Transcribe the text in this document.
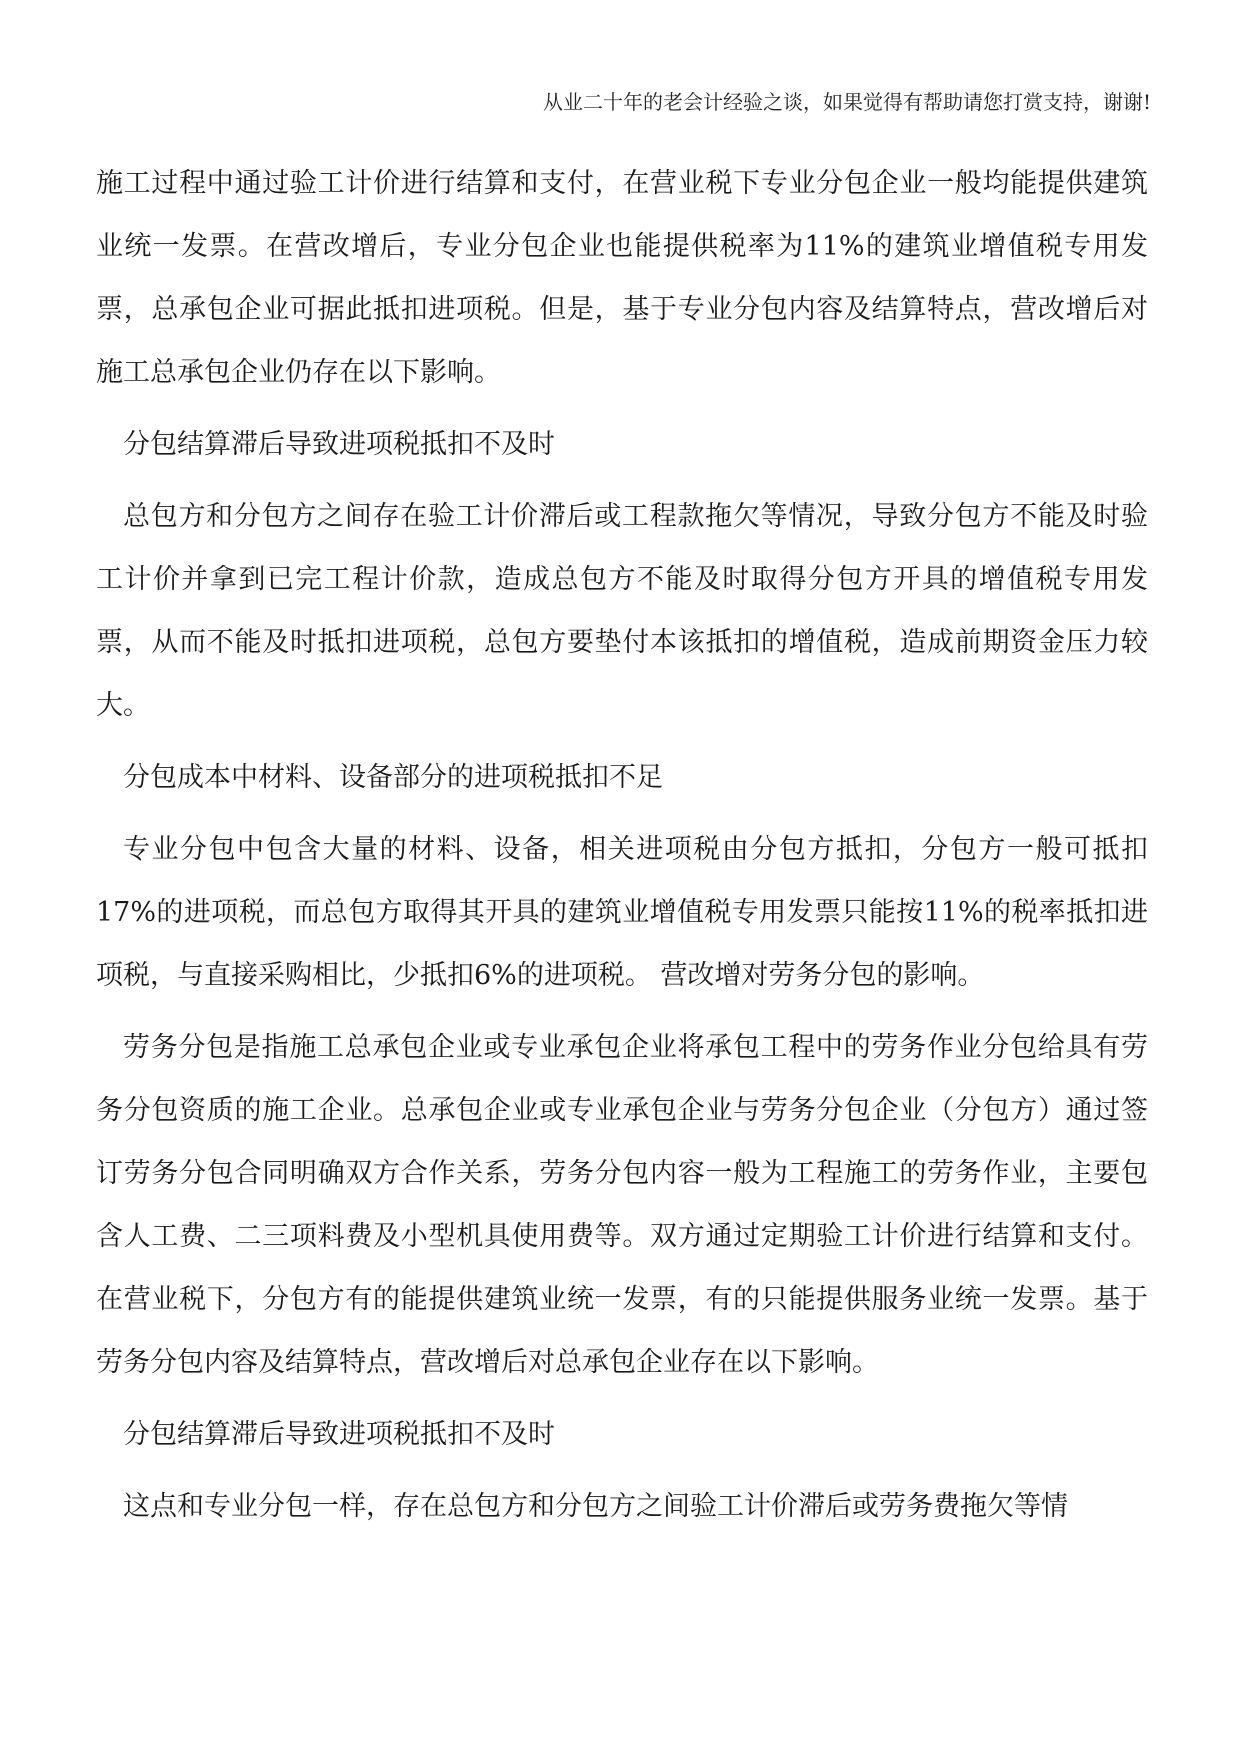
从业二十年的老会计经验之谈，如果觉得有帮助请您打赏支持，谢谢!

施工过程中通过验工计价进行结算和支付，在营业税下专业分包企业一般均能提供建筑业统一发票。在营改增后，专业分包企业也能提供税率为11%的建筑业增值税专用发票，总承包企业可据此抵扣进项税。但是，基于专业分包内容及结算特点，营改增后对施工总承包企业仍存在以下影响。

分包结算滞后导致进项税抵扣不及时

总包方和分包方之间存在验工计价滞后或工程款拖欠等情况，导致分包方不能及时验工计价并拿到已完工程计价款，造成总包方不能及时取得分包方开具的增值税专用发票，从而不能及时抵扣进项税，总包方要垫付本该抵扣的增值税，造成前期资金压力较大。

分包成本中材料、设备部分的进项税抵扣不足

专业分包中包含大量的材料、设备，相关进项税由分包方抵扣，分包方一般可抵扣17%的进项税，而总包方取得其开具的建筑业增值税专用发票只能按11%的税率抵扣进项税，与直接采购相比，少抵扣6%的进项税。 营改增对劳务分包的影响。

劳务分包是指施工总承包企业或专业承包企业将承包工程中的劳务作业分包给具有劳务分包资质的施工企业。总承包企业或专业承包企业与劳务分包企业（分包方）通过签订劳务分包合同明确双方合作关系，劳务分包内容一般为工程施工的劳务作业，主要包含人工费、二三项料费及小型机具使用费等。双方通过定期验工计价进行结算和支付。在营业税下，分包方有的能提供建筑业统一发票，有的只能提供服务业统一发票。基于劳务分包内容及结算特点，营改增后对总承包企业存在以下影响。

分包结算滞后导致进项税抵扣不及时

这点和专业分包一样，存在总包方和分包方之间验工计价滞后或劳务费拖欠等情
